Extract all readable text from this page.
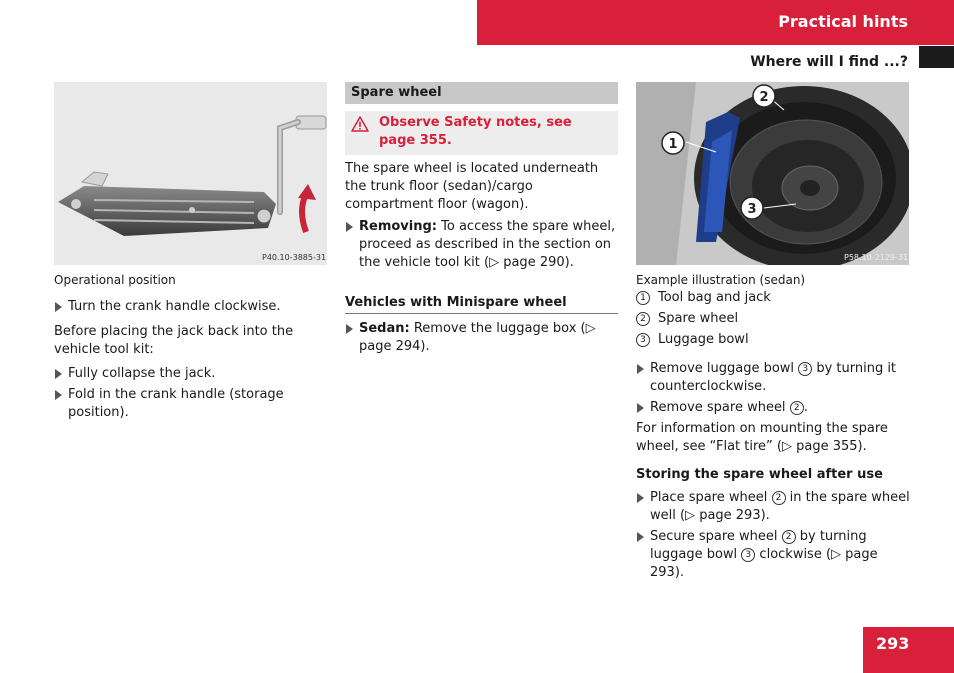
Practical hints
Where will I find ...?
P40.10-3885-31
Operational position

Turn the crank handle clockwise.

Before placing the jack back into the vehicle tool kit:

Fully collapse the jack.

Fold in the crank handle (storage position).

Spare wheel
Observe Safety notes, see
page 355.

The spare wheel is located underneath the trunk floor (sedan)/cargo compartment floor (wagon).

Removing: To access the spare wheel, proceed as described in the section on the vehicle tool kit (▷ page 290).

Vehicles with Minispare wheel

Sedan: Remove the luggage box (▷ page 294).

2
1
3
P58.10-2129-31
Example illustration (sedan)
1 Tool bag and jack
2 Spare wheel
3 Luggage bowl

Remove luggage bowl 3 by turning it counterclockwise.

Remove spare wheel 2 .

For information on mounting the spare wheel, see “Flat tire” (▷ page 355).

Storing the spare wheel after use

Place spare wheel 2 in the spare wheel well (▷ page 293).

Secure spare wheel 2 by turning luggage bowl 3 clockwise (▷ page 293).

293
